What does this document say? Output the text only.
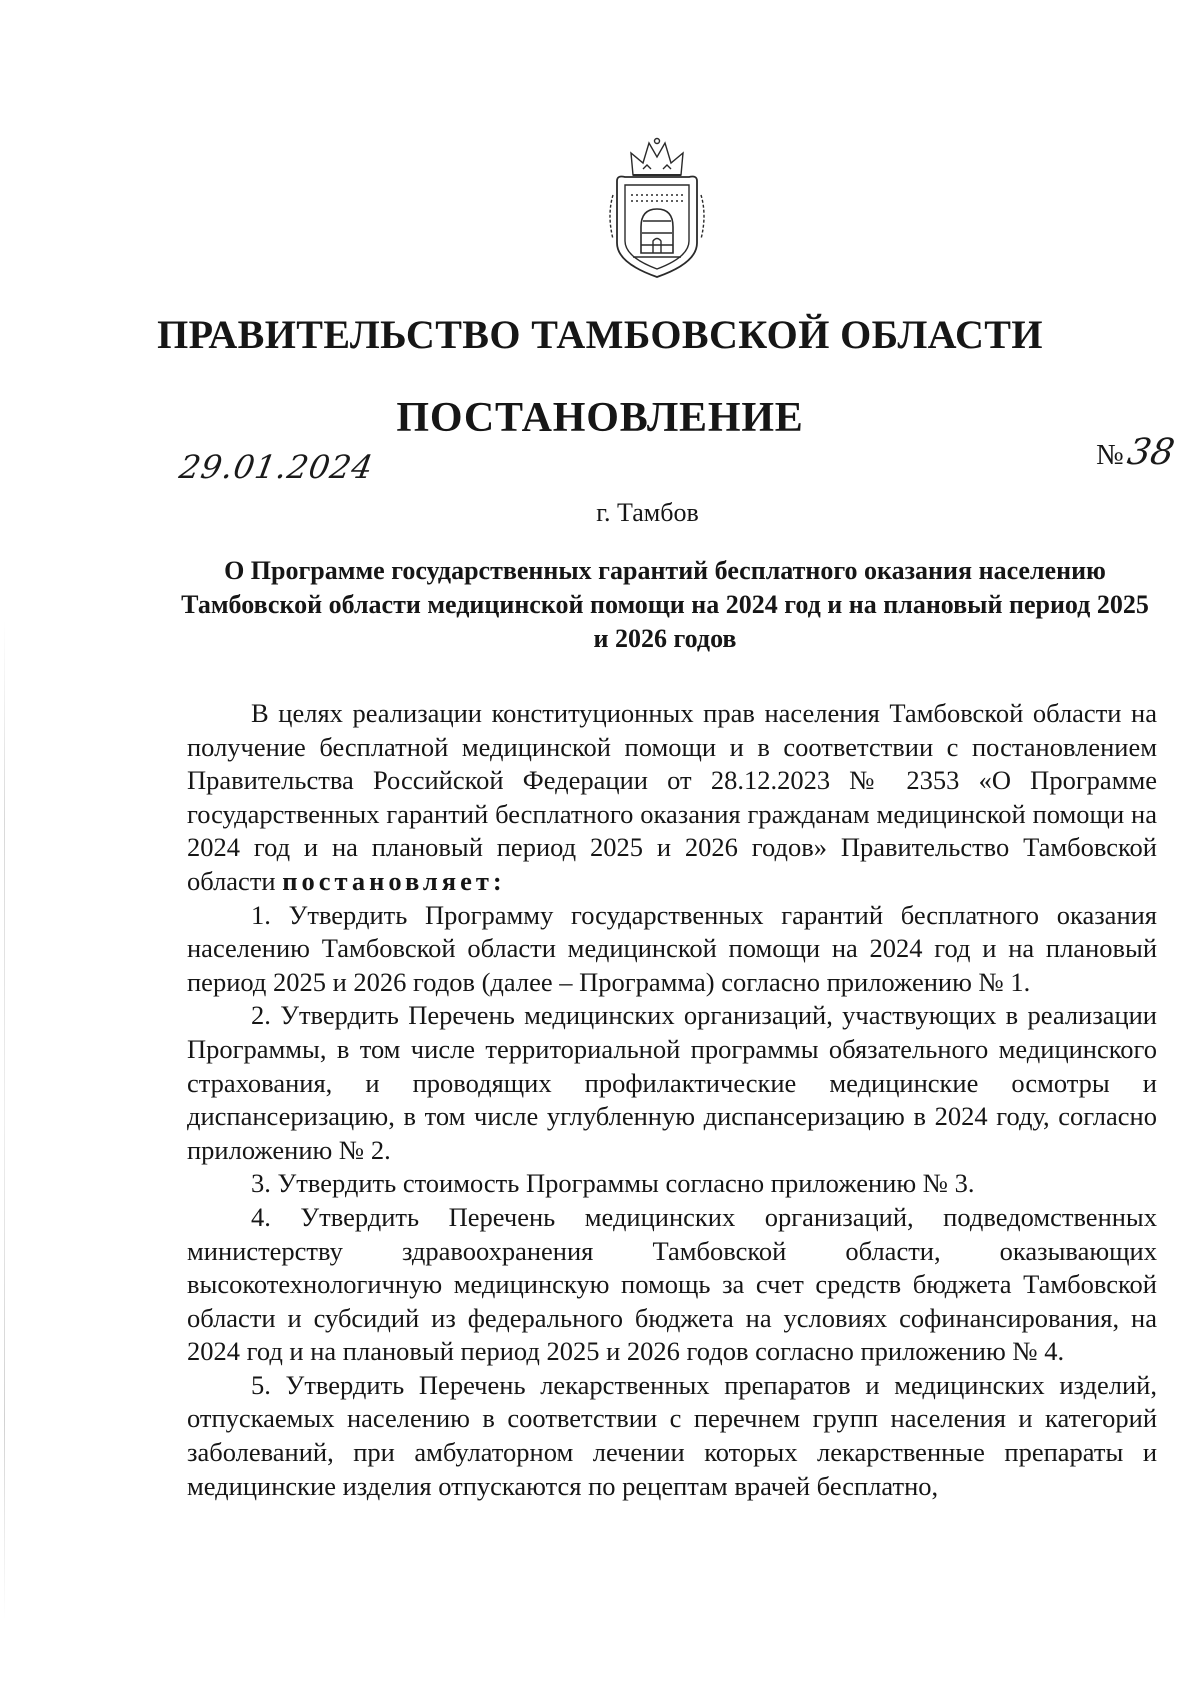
ПРАВИТЕЛЬСТВО ТАМБОВСКОЙ ОБЛАСТИ
ПОСТАНОВЛЕНИЕ
29.01.2024	№38
г. Тамбов
О Программе государственных гарантий бесплатного оказания населению Тамбовской области медицинской помощи на 2024 год и на плановый период 2025 и 2026 годов

В целях реализации конституционных прав населения Тамбовской области на получение бесплатной медицинской помощи и в соответствии с постановлением Правительства Российской Федерации от 28.12.2023 № 2353 «О Программе государственных гарантий бесплатного оказания гражданам медицинской помощи на 2024 год и на плановый период 2025 и 2026 годов» Правительство Тамбовской области постановляет:

1. Утвердить Программу государственных гарантий бесплатного оказания населению Тамбовской области медицинской помощи на 2024 год и на плановый период 2025 и 2026 годов (далее – Программа) согласно приложению № 1.

2. Утвердить Перечень медицинских организаций, участвующих в реализации Программы, в том числе территориальной программы обязательного медицинского страхования, и проводящих профилактические медицинские осмотры и диспансеризацию, в том числе углубленную диспансеризацию в 2024 году, согласно приложению № 2.

3. Утвердить стоимость Программы согласно приложению № 3.

4. Утвердить Перечень медицинских организаций, подведомственных министерству здравоохранения Тамбовской области, оказывающих высокотехнологичную медицинскую помощь за счет средств бюджета Тамбовской области и субсидий из федерального бюджета на условиях софинансирования, на 2024 год и на плановый период 2025 и 2026 годов согласно приложению № 4.

5. Утвердить Перечень лекарственных препаратов и медицинских изделий, отпускаемых населению в соответствии с перечнем групп населения и категорий заболеваний, при амбулаторном лечении которых лекарственные препараты и медицинские изделия отпускаются по рецептам врачей бесплатно,
